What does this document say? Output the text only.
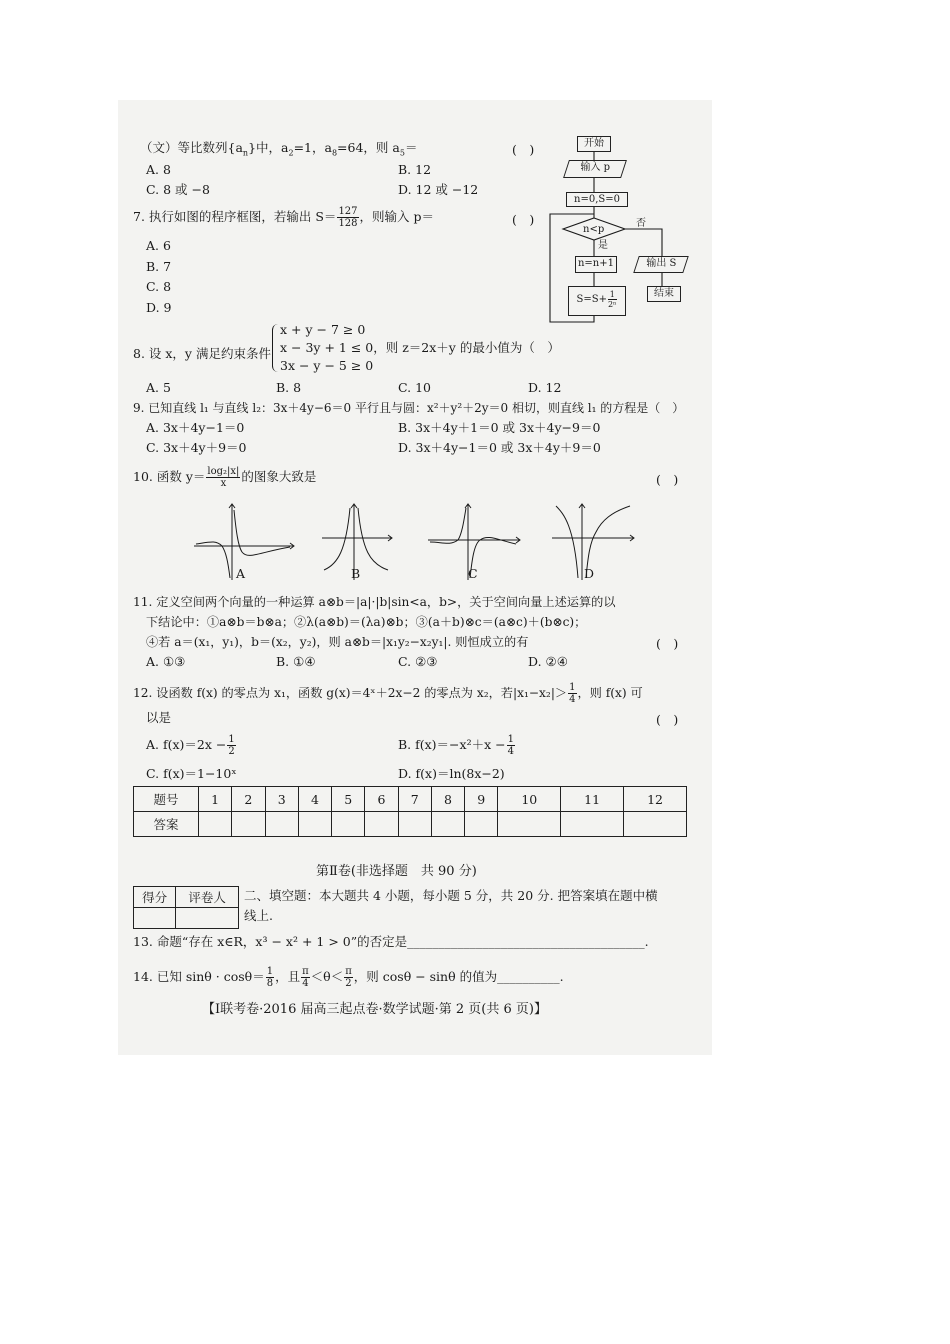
（文）等比数列$\{a_n\}$中，$a_2=1$，$a_8=64$，则 $a_5=$	(　)
A. 8	B. 12
C. 8 或 −8	D. 12 或 −12
7. 执行如图的程序框图，若输出 $S= \frac{127}{128}$ ，则输入 p＝	(　)
A. 6
B. 7
C. 8
D. 9
开始
输入 p
n=0,S=0
n<p
是
否
n=n+1	输出 S
结束
$S=S+ \frac{1}{\text{2ⁿ}}$
8. 设 x，y 满足约束条件
x + y − 7 ≥ 0
x − 3y + 1 ≤ 0，则 z＝2x＋y 的最小值为（　）
3x − y − 5 ≥ 0
A. 5	B. 8	C. 10	D. 12
9. 已知直线 l₁ 与直线 l₂：3x＋4y−6＝0 平行且与圆：x²＋y²＋2y＝0 相切，则直线 l₁ 的方程是（　）
A. 3x＋4y−1＝0	B. 3x＋4y＋1＝0 或 3x＋4y−9＝0
C. 3x＋4y＋9＝0	D. 3x＋4y−1＝0 或 3x＋4y＋9＝0
10. 函数 $y= \frac{\text{log₂|x|}}{x}$ 的图象大致是	(　)
A	B	C	D
11. 定义空间两个向量的一种运算 a⊗b＝|a|·|b|sin<a，b>，关于空间向量上述运算的以
下结论中：①a⊗b＝b⊗a；②λ(a⊗b)＝(λa)⊗b；③(a＋b)⊗c＝(a⊗c)＋(b⊗c)；
④若 a＝(x₁，y₁)，b＝(x₂，y₂)，则 a⊗b＝|x₁y₂−x₂y₁|. 则恒成立的有	(　)
A. ①③	B. ①④	C. ②③	D. ②④
12. 设函数 f(x) 的零点为 x₁，函数 g(x)＝4ˣ＋2x−2 的零点为 x₂，若$|x_1-x_2|> \frac{1}{4}$ ，则 f(x) 可
以是	(　)
A. $f(x)=2x - \frac{1}{2}$	B. $f(x)=-x^2+x - \frac{1}{4}$
C. f(x)＝1−10ˣ	D. f(x)＝ln(8x−2)
题号	1	2	3	4	5	6	7	8	9	10	11	12
答案												
第Ⅱ卷(非选择题　共 90 分)
得分	评卷人
	二、填空题：本大题共 4 小题，每小题 5 分，共 20 分. 把答案填在题中横
线上.
13. 命题“存在 x∈R，x³ − x² + 1 > 0”的否定是______________________________________.
14. 已知 $\sin\theta \cdot \cos\theta= \frac{1}{8}$ ，且 $\frac{\pi}{4} <\theta< \frac{\pi}{2}$ ，则 cosθ − sinθ 的值为__________.
【Ⅰ联考卷·2016 届高三起点卷·数学试题·第 2 页(共 6 页)】
